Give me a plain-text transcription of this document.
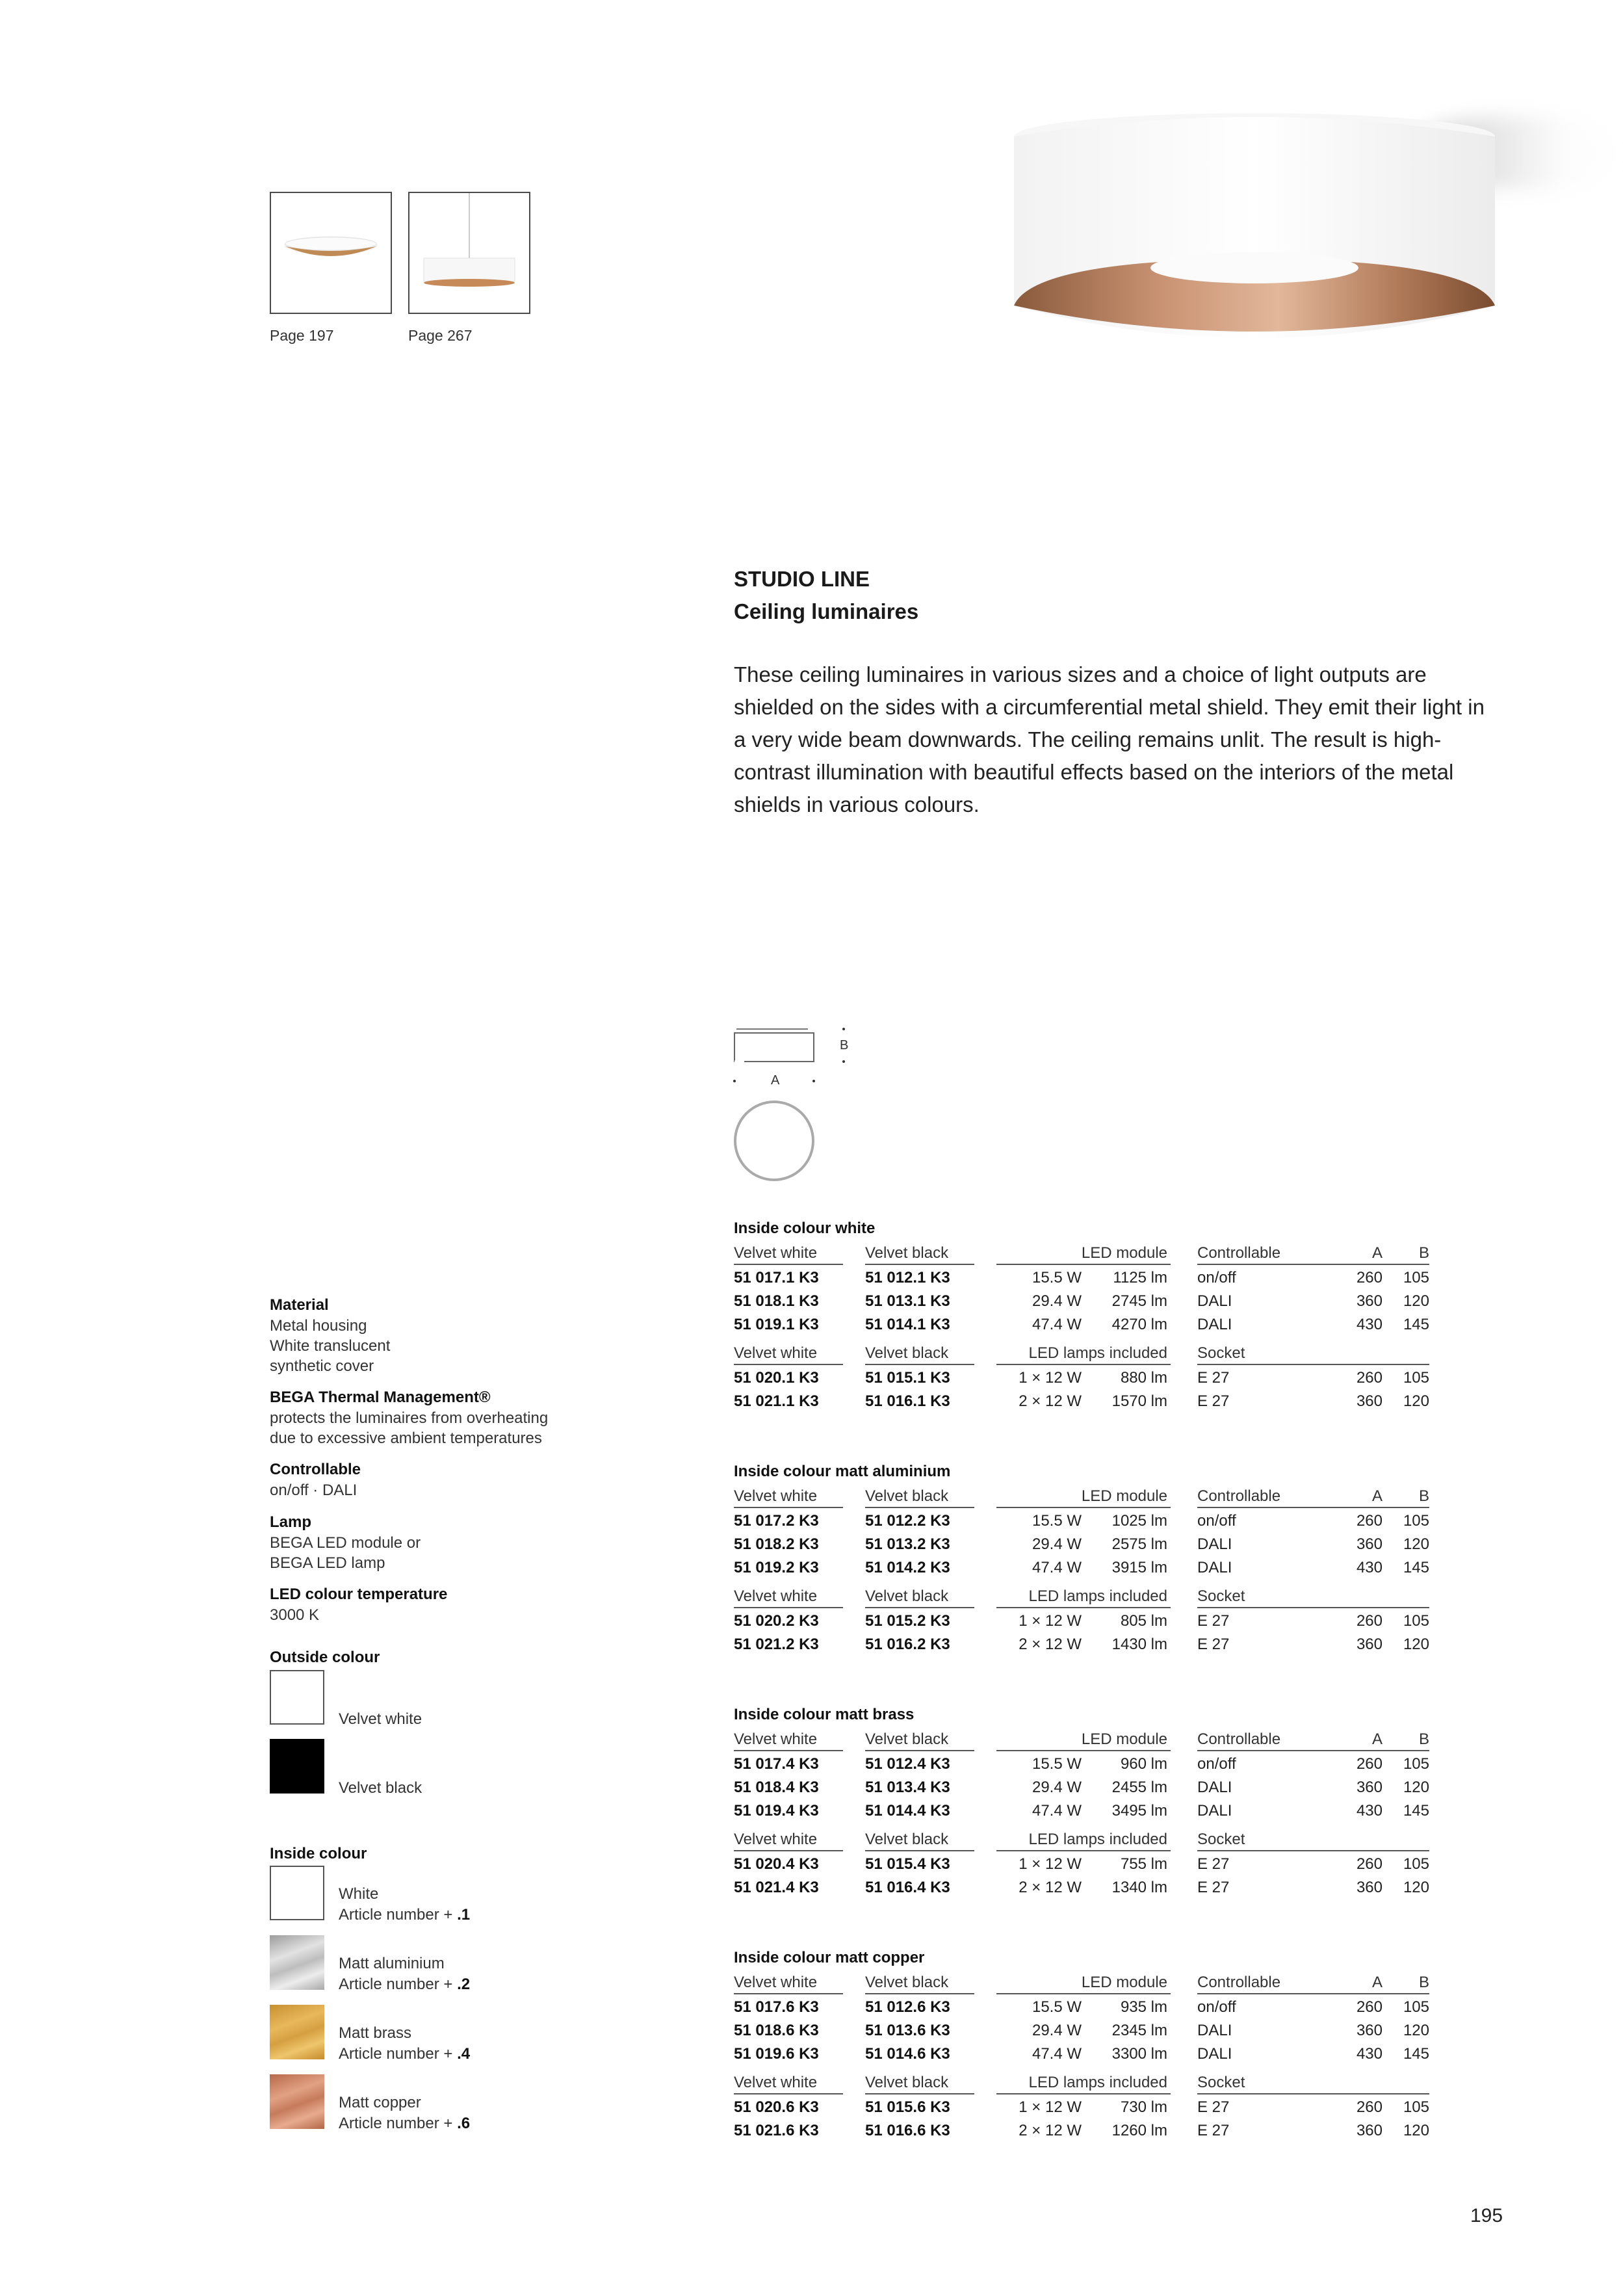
Page 197	Page 267
STUDIO LINE
Ceiling luminaires
These ceiling luminaires in various sizes and a choice of light outputs are shielded on the sides with a circumferential metal shield. They emit their light in a very wide beam downwards. The ceiling remains unlit. The result is high-contrast illumination with beautiful effects based on the interiors of the metal shields in various colours.
A
B
Material
Metal housing
White translucent
synthetic cover
BEGA Thermal Management®
protects the luminaires from overheating
due to excessive ambient temperatures
Controllable
on/off · DALI
Lamp
BEGA LED module or
BEGA LED lamp
LED colour temperature
3000 K
Outside colour
Velvet white
Velvet black
Inside colour
White
Article number + .1
Matt aluminium
Article number + .2
Matt brass
Article number + .4
Matt copper
Article number + .6
Inside colour white
Velvet white	Velvet black	LED module Controllable	A B
51 017.1 K3	51 012.1 K3	15.5 W 1125 lm on/off	260 105
51 018.1 K3	51 013.1 K3	29.4 W 2745 lm DALI	360 120
51 019.1 K3	51 014.1 K3	47.4 W 4270 lm DALI	430 145
Velvet white	Velvet black	LED lamps included Socket
51 020.1 K3	51 015.1 K3	1 × 12 W 880 lm E 27	260 105
51 021.1 K3	51 016.1 K3	2 × 12 W 1570 lm E 27	360 120
Inside colour matt aluminium
Velvet white	Velvet black	LED module Controllable	A B
51 017.2 K3	51 012.2 K3	15.5 W 1025 lm on/off	260 105
51 018.2 K3	51 013.2 K3	29.4 W 2575 lm DALI	360 120
51 019.2 K3	51 014.2 K3	47.4 W 3915 lm DALI	430 145
Velvet white	Velvet black	LED lamps included Socket
51 020.2 K3	51 015.2 K3	1 × 12 W 805 lm E 27	260 105
51 021.2 K3	51 016.2 K3	2 × 12 W 1430 lm E 27	360 120
Inside colour matt brass
Velvet white	Velvet black	LED module Controllable	A B
51 017.4 K3	51 012.4 K3	15.5 W 960 lm on/off	260 105
51 018.4 K3	51 013.4 K3	29.4 W 2455 lm DALI	360 120
51 019.4 K3	51 014.4 K3	47.4 W 3495 lm DALI	430 145
Velvet white	Velvet black	LED lamps included Socket
51 020.4 K3	51 015.4 K3	1 × 12 W 755 lm E 27	260 105
51 021.4 K3	51 016.4 K3	2 × 12 W 1340 lm E 27	360 120
Inside colour matt copper
Velvet white	Velvet black	LED module Controllable	A B
51 017.6 K3	51 012.6 K3	15.5 W 935 lm on/off	260 105
51 018.6 K3	51 013.6 K3	29.4 W 2345 lm DALI	360 120
51 019.6 K3	51 014.6 K3	47.4 W 3300 lm DALI	430 145
Velvet white	Velvet black	LED lamps included Socket
51 020.6 K3	51 015.6 K3	1 × 12 W 730 lm E 27	260 105
51 021.6 K3	51 016.6 K3	2 × 12 W 1260 lm E 27	360 120
195
